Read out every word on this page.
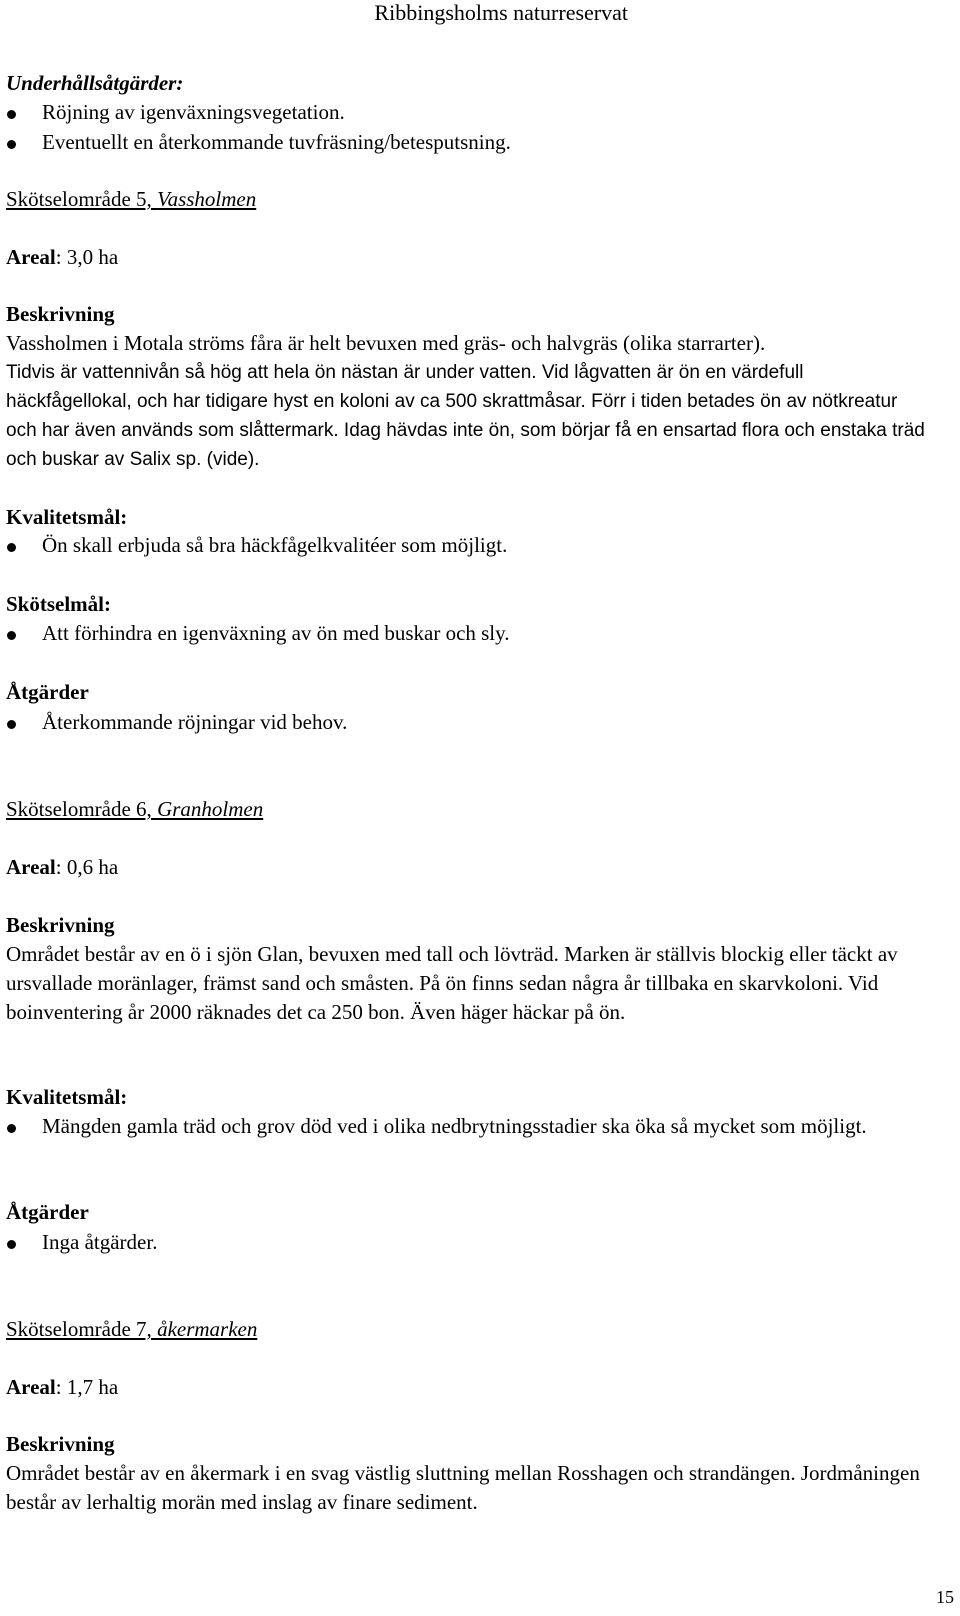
Ribbingsholms naturreservat
Underhållsåtgärder:
Röjning av igenväxningsvegetation.
Eventuellt en återkommande tuvfräsning/betesputsning.
Skötselområde 5, Vassholmen
Areal: 3,0 ha
Beskrivning
Vassholmen i Motala ströms fåra är helt bevuxen med gräs- och halvgräs (olika starrarter).
Tidvis är vattennivån så hög att hela ön nästan är under vatten. Vid lågvatten är ön en värdefull häckfågellokal, och har tidigare hyst en koloni av ca 500 skrattmåsar. Förr i tiden betades ön av nötkreatur och har även används som slåttermark. Idag hävdas inte ön, som börjar få en ensartad flora och enstaka träd och buskar av Salix sp. (vide).
Kvalitetsmål:
Ön skall erbjuda så bra häckfågelkvalitéer som möjligt.
Skötselmål:
Att förhindra en igenväxning av ön med buskar och sly.
Åtgärder
Återkommande röjningar vid behov.
Skötselområde 6, Granholmen
Areal: 0,6 ha
Beskrivning
Området består av en ö i sjön Glan, bevuxen med tall och lövträd. Marken är ställvis blockig eller täckt av ursvallade moränlager, främst sand och småsten. På ön finns sedan några år tillbaka en skarvkoloni. Vid boinventering år 2000 räknades det ca 250 bon. Även häger häckar på ön.
Kvalitetsmål:
Mängden gamla träd och grov död ved i olika nedbrytningsstadier ska öka så mycket som möjligt.
Åtgärder
Inga åtgärder.
Skötselområde 7, åkermarken
Areal: 1,7 ha
Beskrivning
Området består av en åkermark i en svag västlig sluttning mellan Rosshagen och strandängen. Jordmåningen består av lerhaltig morän med inslag av finare sediment.
15
